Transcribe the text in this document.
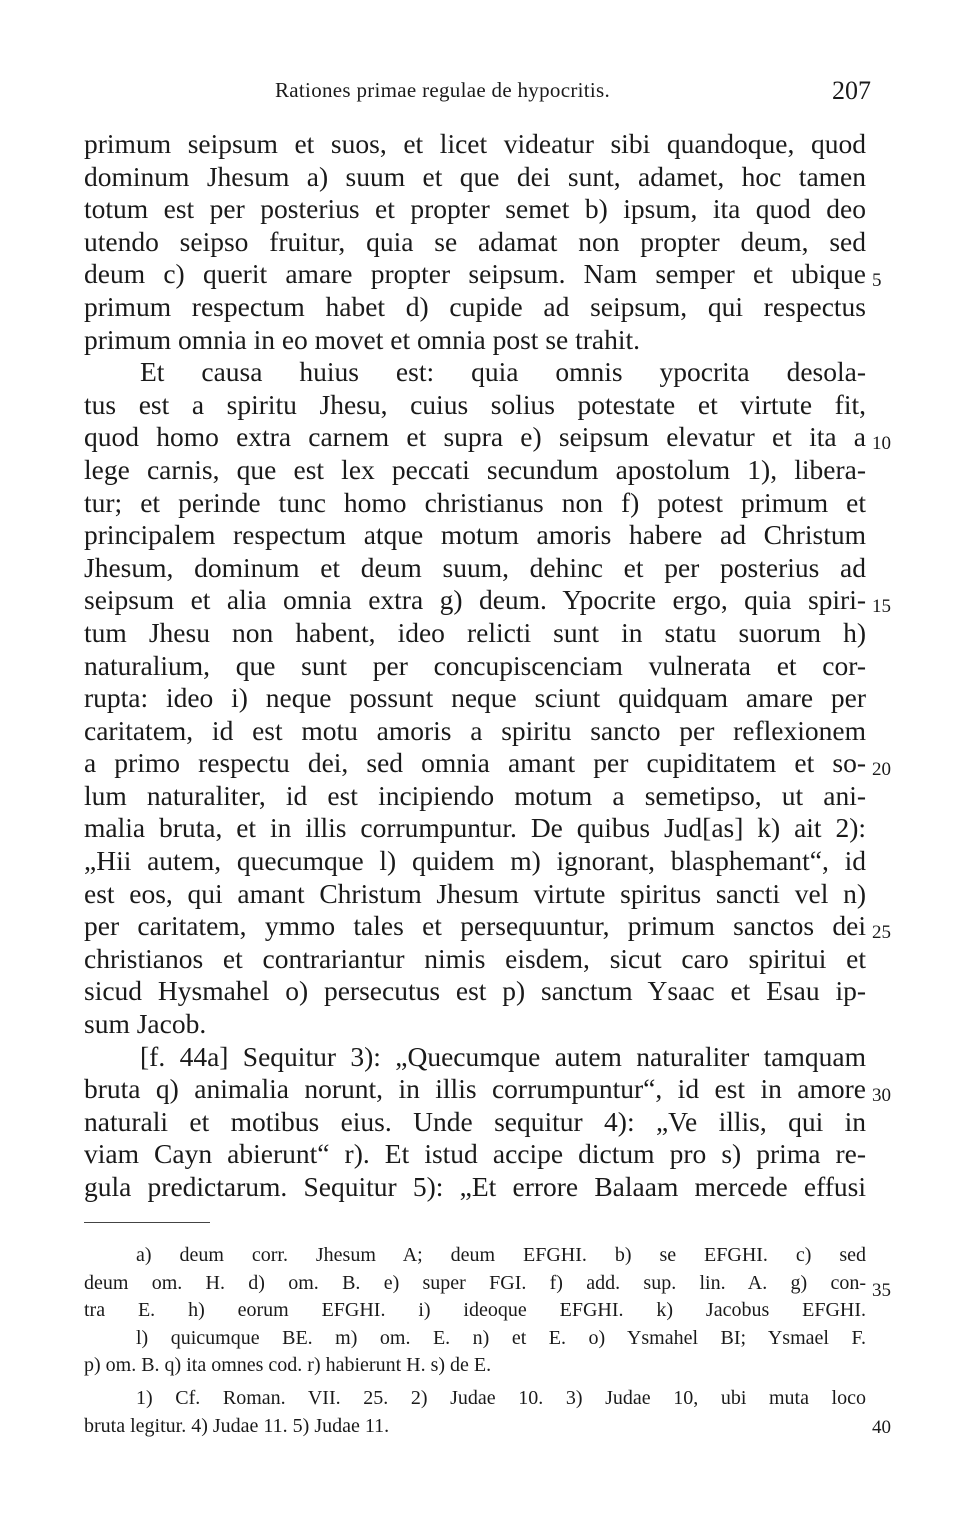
Rationes primae regulae de hypocritis.	207
primum seipsum et suos, et licet videatur sibi quandoque, quod
dominum Jhesum a) suum et que dei sunt, adamet, hoc tamen
totum est per posterius et propter semet b) ipsum, ita quod deo
utendo seipso fruitur, quia se adamat non propter deum, sed
deum c) querit amare propter seipsum. Nam semper et ubique
primum respectum habet d) cupide ad seipsum, qui respectus
primum omnia in eo movet et omnia post se trahit.
Et causa huius est: quia omnis ypocrita desola-
tus est a spiritu Jhesu, cuius solius potestate et virtute fit,
quod homo extra carnem et supra e) seipsum elevatur et ita a
lege carnis, que est lex peccati secundum apostolum 1), libera-
tur; et perinde tunc homo christianus non f) potest primum et
principalem respectum atque motum amoris habere ad Christum
Jhesum, dominum et deum suum, dehinc et per posterius ad
seipsum et alia omnia extra g) deum. Ypocrite ergo, quia spiri-
tum Jhesu non habent, ideo relicti sunt in statu suorum h)
naturalium, que sunt per concupiscenciam vulnerata et cor-
rupta: ideo i) neque possunt neque sciunt quidquam amare per
caritatem, id est motu amoris a spiritu sancto per reflexionem
a primo respectu dei, sed omnia amant per cupiditatem et so-
lum naturaliter, id est incipiendo motum a semetipso, ut ani-
malia bruta, et in illis corrumpuntur. De quibus Jud[as] k) ait 2):
„Hii autem, quecumque l) quidem m) ignorant, blasphemant“, id
est eos, qui amant Christum Jhesum virtute spiritus sancti vel n)
per caritatem, ymmo tales et persequuntur, primum sanctos dei
christianos et contrariantur nimis eisdem, sicut caro spiritui et
sicud Hysmahel o) persecutus est p) sanctum Ysaac et Esau ip-
sum Jacob.
[f. 44a] Sequitur 3): „Quecumque autem naturaliter tamquam
bruta q) animalia norunt, in illis corrumpuntur“, id est in amore
naturali et motibus eius. Unde sequitur 4): „Ve illis, qui in
viam Cayn abierunt“ r). Et istud accipe dictum pro s) prima re-
gula predictarum. Sequitur 5): „Et errore Balaam mercede effusi
5
10
15
20
25
30
a) deum corr. Jhesum A; deum EFGHI. b) se EFGHI. c) sed
deum om. H. d) om. B. e) super FGI. f) add. sup. lin. A. g) con-
tra E. h) eorum EFGHI. i) ideoque EFGHI. k) Jacobus EFGHI.
l) quicumque BE. m) om. E. n) et E. o) Ysmahel BI; Ysmael F.
p) om. B. q) ita omnes cod. r) habierunt H. s) de E.
1) Cf. Roman. VII. 25. 2) Judae 10. 3) Judae 10, ubi muta loco
bruta legitur. 4) Judae 11. 5) Judae 11.
35
40
